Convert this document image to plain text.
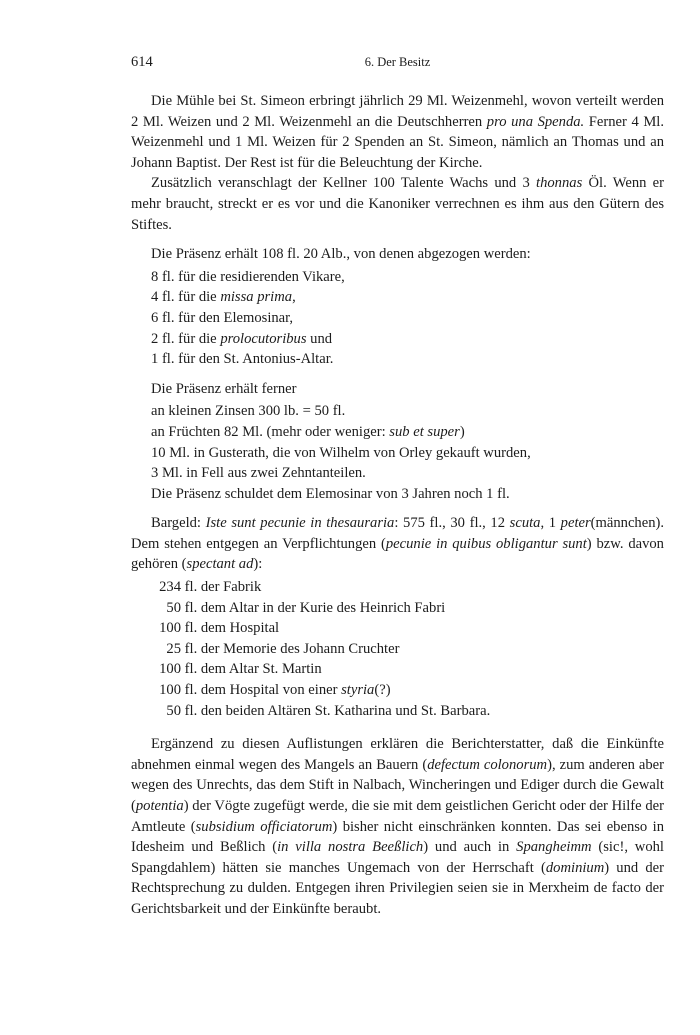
614	6. Der Besitz

Die Mühle bei St. Simeon erbringt jährlich 29 Ml. Weizenmehl, wovon verteilt werden 2 Ml. Weizen und 2 Ml. Weizenmehl an die Deutschherren pro una Spenda. Ferner 4 Ml. Weizenmehl und 1 Ml. Weizen für 2 Spenden an St. Simeon, nämlich an Thomas und an Johann Baptist. Der Rest ist für die Beleuchtung der Kirche.

Zusätzlich veranschlagt der Kellner 100 Talente Wachs und 3 thonnas Öl. Wenn er mehr braucht, streckt er es vor und die Kanoniker verrechnen es ihm aus den Gütern des Stiftes.

Die Präsenz erhält 108 fl. 20 Alb., von denen abgezogen werden:

8 fl. für die residierenden Vikare,
4 fl. für die missa prima,
6 fl. für den Elemosinar,
2 fl. für die prolocutoribus und
1 fl. für den St. Antonius-Altar.

Die Präsenz erhält ferner

an kleinen Zinsen 300 lb. = 50 fl.
an Früchten 82 Ml. (mehr oder weniger: sub et super)
10 Ml. in Gusterath, die von Wilhelm von Orley gekauft wurden,
3 Ml. in Fell aus zwei Zehntanteilen.
Die Präsenz schuldet dem Elemosinar von 3 Jahren noch 1 fl.

Bargeld: Iste sunt pecunie in thesauraria: 575 fl., 30 fl., 12 scuta, 1 peter(männchen). Dem stehen entgegen an Verpflichtungen (pecunie in quibus obligantur sunt) bzw. davon gehören (spectant ad):

234 fl. der Fabrik
50 fl. dem Altar in der Kurie des Heinrich Fabri
100 fl. dem Hospital
25 fl. der Memorie des Johann Cruchter
100 fl. dem Altar St. Martin
100 fl. dem Hospital von einer styria(?)
50 fl. den beiden Altären St. Katharina und St. Barbara.

Ergänzend zu diesen Auflistungen erklären die Berichterstatter, daß die Einkünfte abnehmen einmal wegen des Mangels an Bauern (defectum colonorum), zum anderen aber wegen des Unrechts, das dem Stift in Nalbach, Wincheringen und Ediger durch die Gewalt (potentia) der Vögte zugefügt werde, die sie mit dem geistlichen Gericht oder der Hilfe der Amtleute (subsidium officiatorum) bisher nicht einschränken konnten. Das sei ebenso in Idesheim und Beßlich (in villa nostra Beeßlich) und auch in Spangheimm (sic!, wohl Spangdahlem) hätten sie manches Ungemach von der Herrschaft (dominium) und der Rechtsprechung zu dulden. Entgegen ihren Privilegien seien sie in Merxheim de facto der Gerichtsbarkeit und der Einkünfte beraubt.
